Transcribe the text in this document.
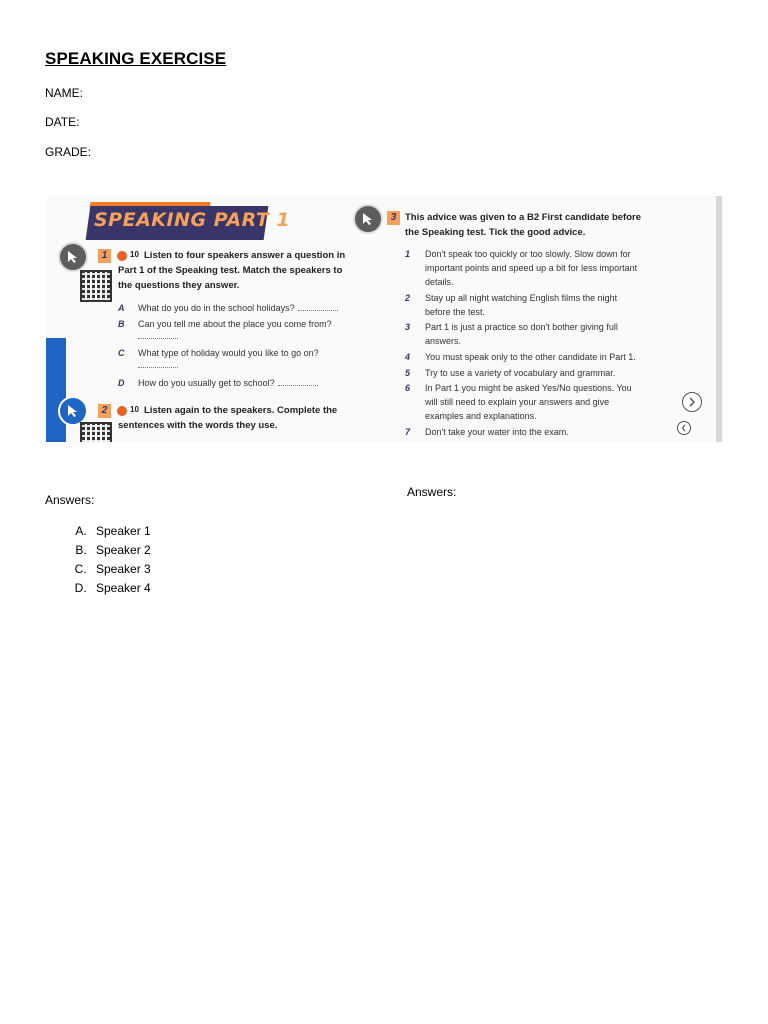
SPEAKING EXERCISE
NAME:
DATE:
GRADE:
SPEAKING PART 1
1	10 Listen to four speakers answer a question in
Part 1 of the Speaking test. Match the speakers to
the questions they answer.
A What do you do in the school holidays?
B Can you tell me about the place you come from?
C What type of holiday would you like to go on?
D How do you usually get to school?
2	10 Listen again to the speakers. Complete the
sentences with the words they use.
3 This advice was given to a B2 First candidate before
the Speaking test. Tick the good advice.
1 Don't speak too quickly or too slowly. Slow down for
important points and speed up a bit for less important
details.
2 Stay up all night watching English films the night
before the test.
3 Part 1 is just a practice so don't bother giving full
answers.
4 You must speak only to the other candidate in Part 1.
5 Try to use a variety of vocabulary and grammar.
6 In Part 1 you might be asked Yes/No questions. You
will still need to explain your answers and give
examples and explanations.
7 Don't take your water into the exam.
Answers:
Answers:
A. Speaker 1
B. Speaker 2
C. Speaker 3
D. Speaker 4
